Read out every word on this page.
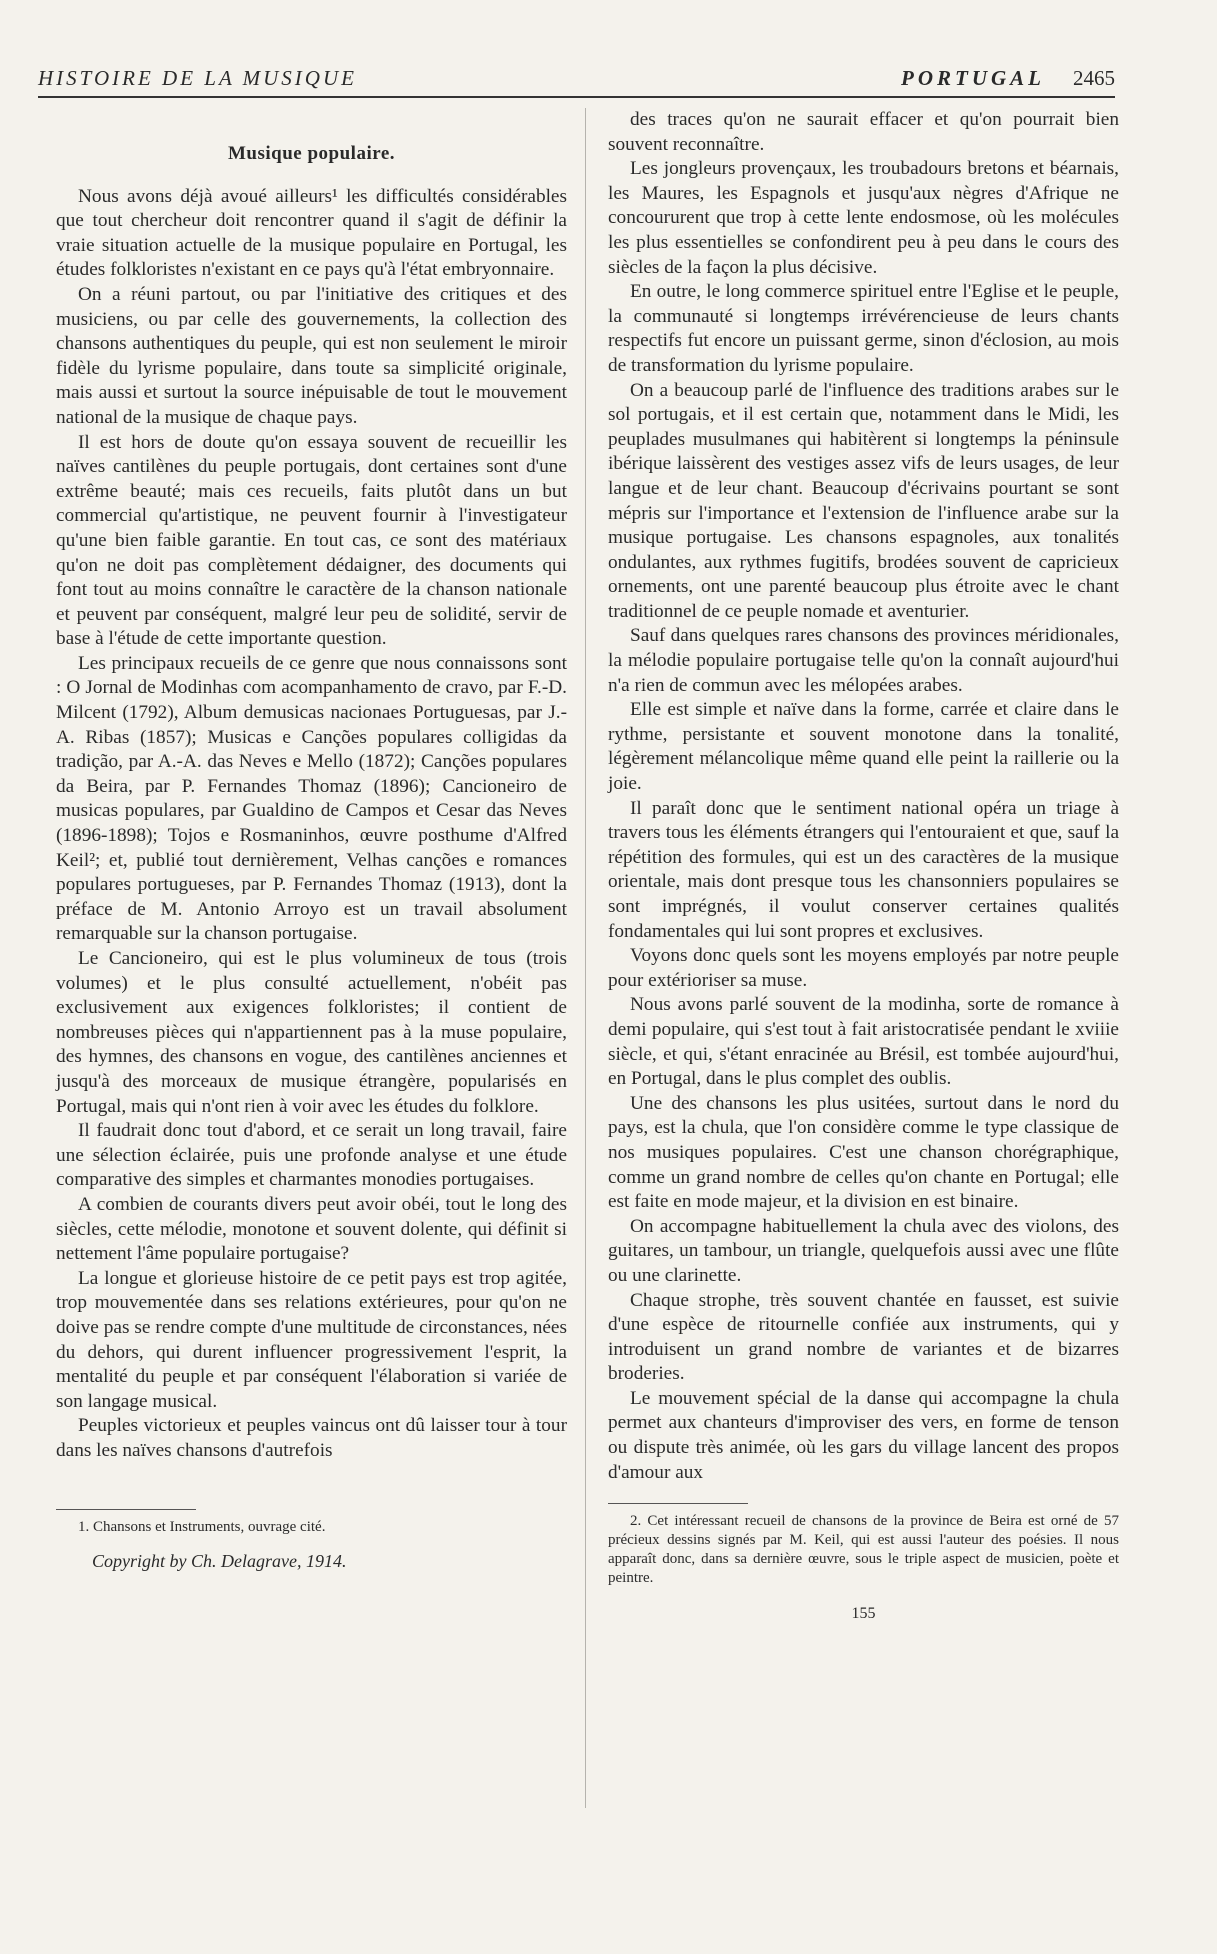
HISTOIRE DE LA MUSIQUE	PORTUGAL 2465
Musique populaire.

Nous avons déjà avoué ailleurs¹ les difficultés considérables que tout chercheur doit rencontrer quand il s'agit de définir la vraie situation actuelle de la musique populaire en Portugal, les études folkloristes n'existant en ce pays qu'à l'état embryonnaire.

On a réuni partout, ou par l'initiative des critiques et des musiciens, ou par celle des gouvernements, la collection des chansons authentiques du peuple, qui est non seulement le miroir fidèle du lyrisme populaire, dans toute sa simplicité originale, mais aussi et surtout la source inépuisable de tout le mouvement national de la musique de chaque pays.

Il est hors de doute qu'on essaya souvent de recueillir les naïves cantilènes du peuple portugais, dont certaines sont d'une extrême beauté; mais ces recueils, faits plutôt dans un but commercial qu'artistique, ne peuvent fournir à l'investigateur qu'une bien faible garantie. En tout cas, ce sont des matériaux qu'on ne doit pas complètement dédaigner, des documents qui font tout au moins connaître le caractère de la chanson nationale et peuvent par conséquent, malgré leur peu de solidité, servir de base à l'étude de cette importante question.

Les principaux recueils de ce genre que nous connaissons sont : O Jornal de Modinhas com acompanhamento de cravo, par F.-D. Milcent (1792), Album demusicas nacionaes Portuguesas, par J.-A. Ribas (1857); Musicas e Canções populares colligidas da tradição, par A.-A. das Neves e Mello (1872); Canções populares da Beira, par P. Fernandes Thomaz (1896); Cancioneiro de musicas populares, par Gualdino de Campos et Cesar das Neves (1896-1898); Tojos e Rosmaninhos, œuvre posthume d'Alfred Keil²; et, publié tout dernièrement, Velhas canções e romances populares portugueses, par P. Fernandes Thomaz (1913), dont la préface de M. Antonio Arroyo est un travail absolument remarquable sur la chanson portugaise.

Le Cancioneiro, qui est le plus volumineux de tous (trois volumes) et le plus consulté actuellement, n'obéit pas exclusivement aux exigences folkloristes; il contient de nombreuses pièces qui n'appartiennent pas à la muse populaire, des hymnes, des chansons en vogue, des cantilènes anciennes et jusqu'à des morceaux de musique étrangère, popularisés en Portugal, mais qui n'ont rien à voir avec les études du folklore.

Il faudrait donc tout d'abord, et ce serait un long travail, faire une sélection éclairée, puis une profonde analyse et une étude comparative des simples et charmantes monodies portugaises.

A combien de courants divers peut avoir obéi, tout le long des siècles, cette mélodie, monotone et souvent dolente, qui définit si nettement l'âme populaire portugaise?

La longue et glorieuse histoire de ce petit pays est trop agitée, trop mouvementée dans ses relations extérieures, pour qu'on ne doive pas se rendre compte d'une multitude de circonstances, nées du dehors, qui durent influencer progressivement l'esprit, la mentalité du peuple et par conséquent l'élaboration si variée de son langage musical.

Peuples victorieux et peuples vaincus ont dû laisser tour à tour dans les naïves chansons d'autrefois

1. Chansons et Instruments, ouvrage cité.

Copyright by Ch. Delagrave, 1914.

des traces qu'on ne saurait effacer et qu'on pourrait bien souvent reconnaître.

Les jongleurs provençaux, les troubadours bretons et béarnais, les Maures, les Espagnols et jusqu'aux nègres d'Afrique ne concoururent que trop à cette lente endosmose, où les molécules les plus essentielles se confondirent peu à peu dans le cours des siècles de la façon la plus décisive.

En outre, le long commerce spirituel entre l'Eglise et le peuple, la communauté si longtemps irrévérencieuse de leurs chants respectifs fut encore un puissant germe, sinon d'éclosion, au mois de transformation du lyrisme populaire.

On a beaucoup parlé de l'influence des traditions arabes sur le sol portugais, et il est certain que, notamment dans le Midi, les peuplades musulmanes qui habitèrent si longtemps la péninsule ibérique laissèrent des vestiges assez vifs de leurs usages, de leur langue et de leur chant. Beaucoup d'écrivains pourtant se sont mépris sur l'importance et l'extension de l'influence arabe sur la musique portugaise. Les chansons espagnoles, aux tonalités ondulantes, aux rythmes fugitifs, brodées souvent de capricieux ornements, ont une parenté beaucoup plus étroite avec le chant traditionnel de ce peuple nomade et aventurier.

Sauf dans quelques rares chansons des provinces méridionales, la mélodie populaire portugaise telle qu'on la connaît aujourd'hui n'a rien de commun avec les mélopées arabes.

Elle est simple et naïve dans la forme, carrée et claire dans le rythme, persistante et souvent monotone dans la tonalité, légèrement mélancolique même quand elle peint la raillerie ou la joie.

Il paraît donc que le sentiment national opéra un triage à travers tous les éléments étrangers qui l'entouraient et que, sauf la répétition des formules, qui est un des caractères de la musique orientale, mais dont presque tous les chansonniers populaires se sont imprégnés, il voulut conserver certaines qualités fondamentales qui lui sont propres et exclusives.

Voyons donc quels sont les moyens employés par notre peuple pour extérioriser sa muse.

Nous avons parlé souvent de la modinha, sorte de romance à demi populaire, qui s'est tout à fait aristocratisée pendant le xviiie siècle, et qui, s'étant enracinée au Brésil, est tombée aujourd'hui, en Portugal, dans le plus complet des oublis.

Une des chansons les plus usitées, surtout dans le nord du pays, est la chula, que l'on considère comme le type classique de nos musiques populaires. C'est une chanson chorégraphique, comme un grand nombre de celles qu'on chante en Portugal; elle est faite en mode majeur, et la division en est binaire.

On accompagne habituellement la chula avec des violons, des guitares, un tambour, un triangle, quelquefois aussi avec une flûte ou une clarinette.

Chaque strophe, très souvent chantée en fausset, est suivie d'une espèce de ritournelle confiée aux instruments, qui y introduisent un grand nombre de variantes et de bizarres broderies.

Le mouvement spécial de la danse qui accompagne la chula permet aux chanteurs d'improviser des vers, en forme de tenson ou dispute très animée, où les gars du village lancent des propos d'amour aux

2. Cet intéressant recueil de chansons de la province de Beira est orné de 57 précieux dessins signés par M. Keil, qui est aussi l'auteur des poésies. Il nous apparaît donc, dans sa dernière œuvre, sous le triple aspect de musicien, poète et peintre.

155
